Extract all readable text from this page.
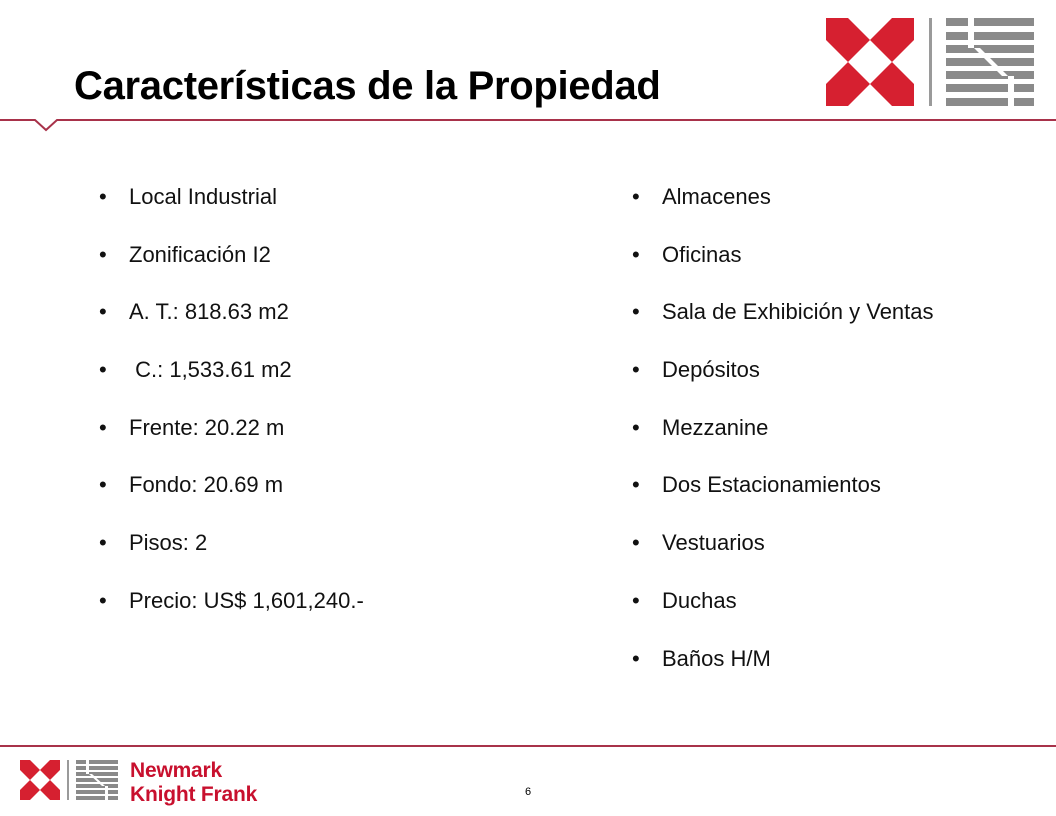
Características de la Propiedad
• Local Industrial
• Zonificación I2
• A. T.: 818.63 m2
• C.: 1,533.61 m2
• Frente: 20.22 m
• Fondo: 20.69 m
• Pisos: 2
• Precio: US$ 1,601,240.-
• Almacenes
• Oficinas
• Sala de Exhibición y Ventas
• Depósitos
• Mezzanine
• Dos Estacionamientos
• Vestuarios
• Duchas
• Baños H/M
Newmark
Knight Frank	6
